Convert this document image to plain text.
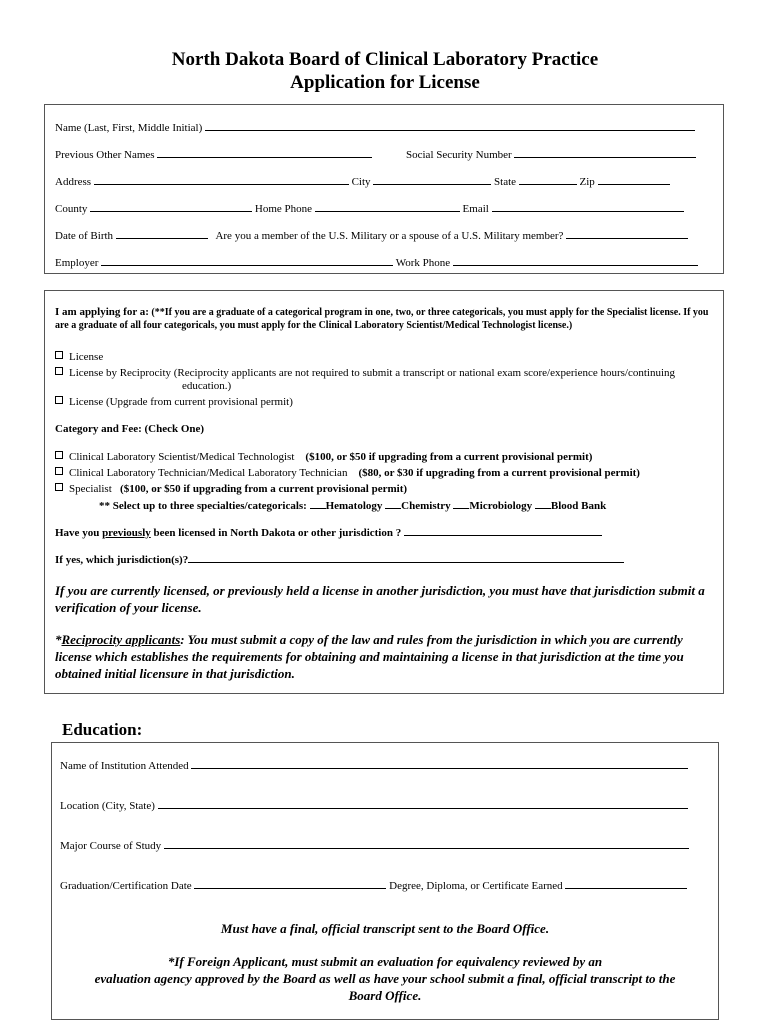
North Dakota Board of Clinical Laboratory Practice
Application for License
Name (Last, First, Middle Initial)
Previous Other Names	Social Security Number
Address	City	State	Zip
County	Home Phone	Email
Date of Birth	Are you a member of the U.S. Military or a spouse of a U.S. Military member?
Employer	Work Phone
I am applying for a: (**If you are a graduate of a categorical program in one, two, or three categoricals, you must apply for the Specialist license. If you are a graduate of all four categoricals, you must apply for the Clinical Laboratory Scientist/Medical Technologist license.)
License
License by Reciprocity (Reciprocity applicants are not required to submit a transcript or national exam score/experience hours/continuing
education.)
License (Upgrade from current provisional permit)
Category and Fee: (Check One)
Clinical Laboratory Scientist/Medical Technologist ($100, or $50 if upgrading from a current provisional permit)
Clinical Laboratory Technician/Medical Laboratory Technician ($80, or $30 if upgrading from a current provisional permit)
Specialist ($100, or $50 if upgrading from a current provisional permit)
** Select up to three specialties/categoricals: Hematology Chemistry Microbiology Blood Bank
Have you previously been licensed in North Dakota or other jurisdiction ?
If yes, which jurisdiction(s)?
If you are currently licensed, or previously held a license in another jurisdiction, you must have that jurisdiction submit a verification of your license.
*Reciprocity applicants: You must submit a copy of the law and rules from the jurisdiction in which you are currently license which establishes the requirements for obtaining and maintaining a license in that jurisdiction at the time you obtained initial licensure in that jurisdiction.
Education:
Name of Institution Attended
Location (City, State)
Major Course of Study
Graduation/Certification Date	Degree, Diploma, or Certificate Earned
Must have a final, official transcript sent to the Board Office.
*If Foreign Applicant, must submit an evaluation for equivalency reviewed by an
evaluation agency approved by the Board as well as have your school submit a final, official transcript to the
Board Office.
